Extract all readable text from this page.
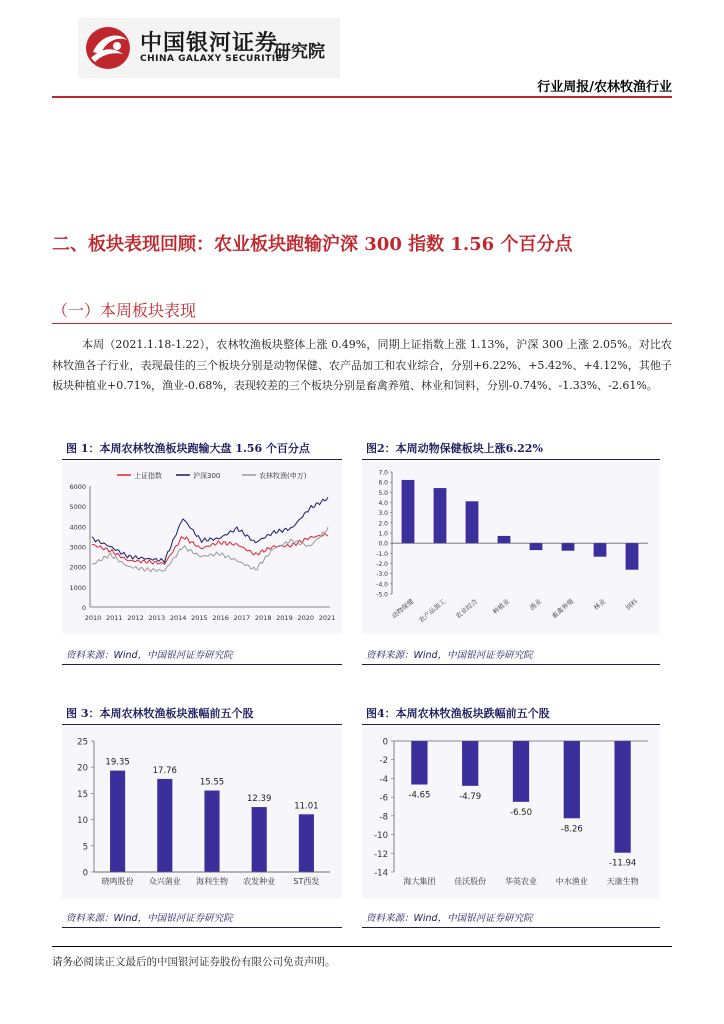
中国银河证券
CHINA GALAXY SECURITIES
研究院
行业周报/农林牧渔行业
二、板块表现回顾：农业板块跑输沪深 300 指数 1.56 个百分点
（一）本周板块表现
本周（2021.1.18-1.22），农林牧渔板块整体上涨 0.49%，同期上证指数上涨 1.13%，沪深 300 上涨 2.05%。对比农林牧渔各子行业，表现最佳的三个板块分别是动物保健、农产品加工和农业综合，分别+6.22%、+5.42%、+4.12%，其他子板块种植业+0.71%，渔业-0.68%，表现较差的三个板块分别是畜禽养殖、林业和饲料，分别-0.74%、-1.33%、-2.61%。
图 1：本周农林牧渔板块跑输大盘 1.56 个百分点
0
1000
2000
3000
4000
5000
6000
2010 2011 2012 2013 2014 2015 2016 2017 2018 2019 2020 2021
上证指数	沪深300	农林牧渔(申万)
资料来源：Wind，中国银河证券研究院
图2：本周动物保健板块上涨6.22%
7.0
6.0
5.0
4.0
3.0
2.0
1.0
0.0
-1.0
-2.0
-3.0
-4.0
-5.0
动物保健 农产品加工 农业综合 种植业	渔业 畜禽养殖	林业	饲料
资料来源：Wind，中国银河证券研究院
图 3：本周农林牧渔板块涨幅前五个股
25
20
15
10
5
0
19.35
晓鸣股份
17.76
众兴菌业
15.55
海利生物
12.39
农发种业
11.01
ST西发
资料来源：Wind，中国银河证券研究院
图4：本周农林牧渔板块跌幅前五个股
0
-2
-4
-6
-8
-10
-12
-14
-4.65
海大集团
-4.79
佳沃股份
-6.50
华英农业
-8.26
中水渔业
-11.94
天康生物
资料来源：Wind，中国银河证券研究院
请务必阅读正文最后的中国银河证券股份有限公司免责声明。
